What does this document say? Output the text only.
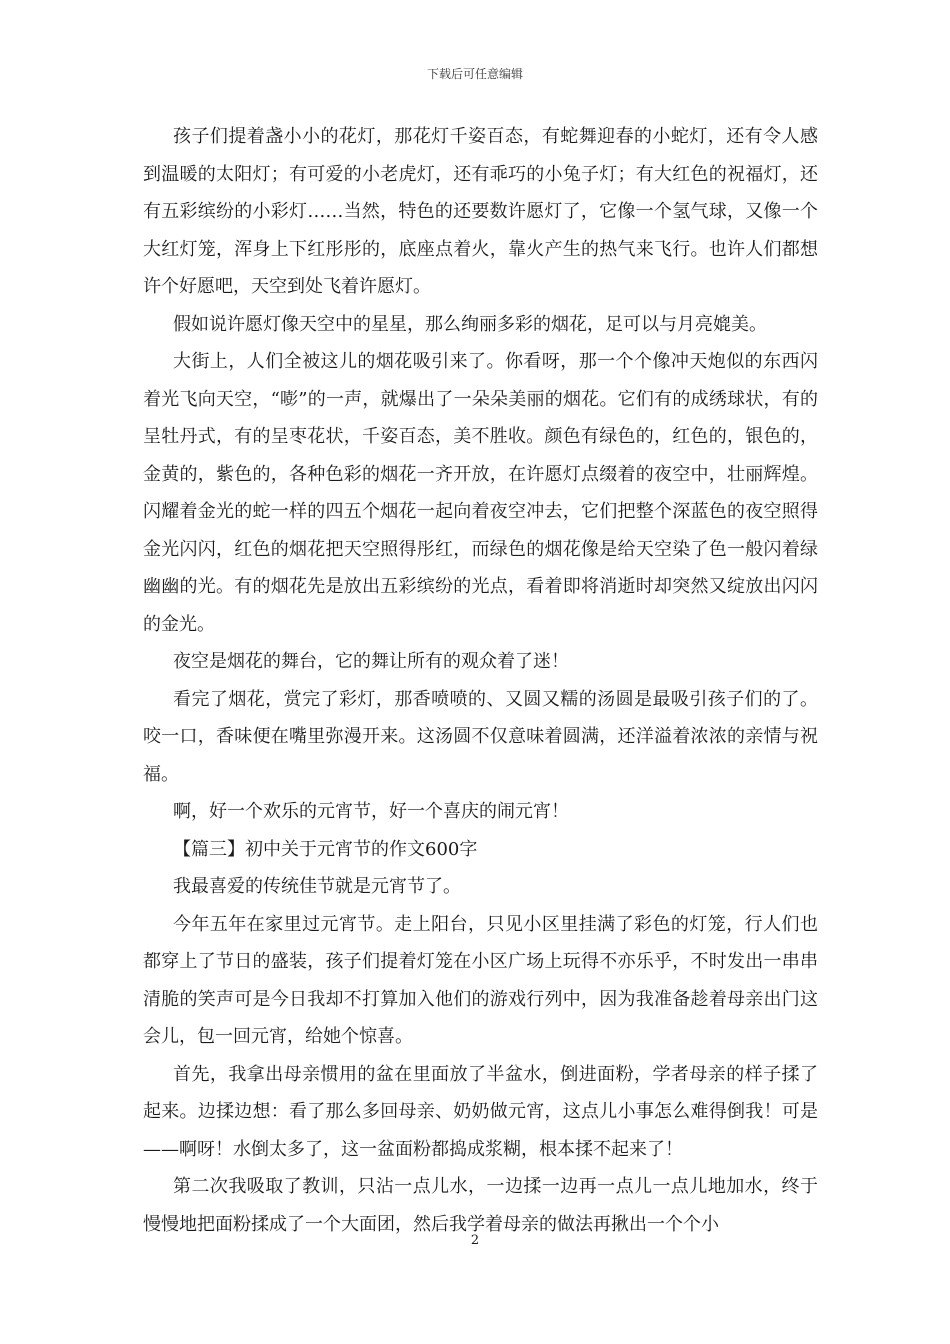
下载后可任意编辑

孩子们提着盏小小的花灯，那花灯千姿百态，有蛇舞迎春的小蛇灯，还有令人感到温暖的太阳灯；有可爱的小老虎灯，还有乖巧的小兔子灯；有大红色的祝福灯，还有五彩缤纷的小彩灯……当然，特色的还要数许愿灯了，它像一个氢气球，又像一个大红灯笼，浑身上下红彤彤的，底座点着火，靠火产生的热气来飞行。也许人们都想许个好愿吧，天空到处飞着许愿灯。

假如说许愿灯像天空中的星星，那么绚丽多彩的烟花，足可以与月亮媲美。

大街上，人们全被这儿的烟花吸引来了。你看呀，那一个个像冲天炮似的东西闪着光飞向天空，“嘭”的一声，就爆出了一朵朵美丽的烟花。它们有的成绣球状，有的呈牡丹式，有的呈枣花状，千姿百态，美不胜收。颜色有绿色的，红色的，银色的，金黄的，紫色的，各种色彩的烟花一齐开放，在许愿灯点缀着的夜空中，壮丽辉煌。闪耀着金光的蛇一样的四五个烟花一起向着夜空冲去，它们把整个深蓝色的夜空照得金光闪闪，红色的烟花把天空照得彤红，而绿色的烟花像是给天空染了色一般闪着绿幽幽的光。有的烟花先是放出五彩缤纷的光点，看着即将消逝时却突然又绽放出闪闪的金光。

夜空是烟花的舞台，它的舞让所有的观众着了迷！

看完了烟花，赏完了彩灯，那香喷喷的、又圆又糯的汤圆是最吸引孩子们的了。咬一口，香味便在嘴里弥漫开来。这汤圆不仅意味着圆满，还洋溢着浓浓的亲情与祝福。

啊，好一个欢乐的元宵节，好一个喜庆的闹元宵！

【篇三】初中关于元宵节的作文600字

我最喜爱的传统佳节就是元宵节了。

今年五年在家里过元宵节。走上阳台，只见小区里挂满了彩色的灯笼，行人们也都穿上了节日的盛装，孩子们提着灯笼在小区广场上玩得不亦乐乎，不时发出一串串清脆的笑声可是今日我却不打算加入他们的游戏行列中，因为我准备趁着母亲出门这会儿，包一回元宵，给她个惊喜。

首先，我拿出母亲惯用的盆在里面放了半盆水，倒进面粉，学者母亲的样子揉了起来。边揉边想：看了那么多回母亲、奶奶做元宵，这点儿小事怎么难得倒我！可是——啊呀！水倒太多了，这一盆面粉都捣成浆糊，根本揉不起来了！

第二次我吸取了教训，只沾一点儿水，一边揉一边再一点儿一点儿地加水，终于慢慢地把面粉揉成了一个大面团，然后我学着母亲的做法再揪出一个个小

2
